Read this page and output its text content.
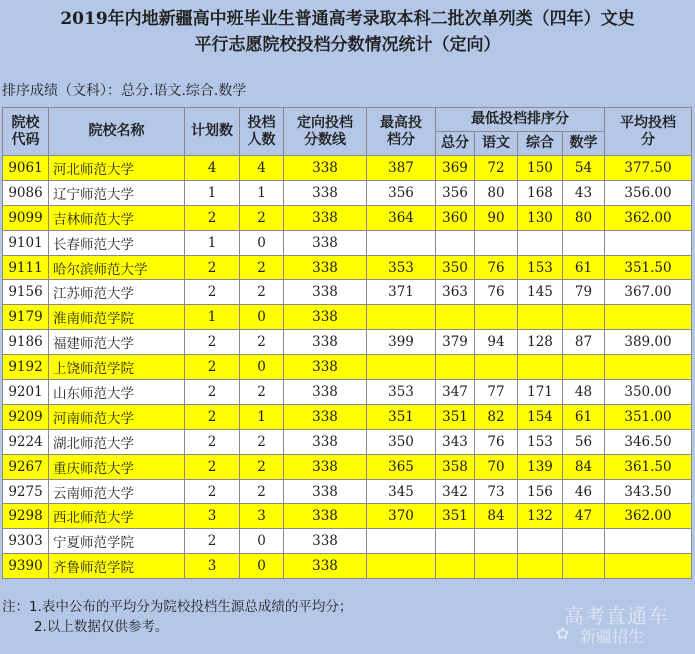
2019年内地新疆高中班毕业生普通高考录取本科二批次单列类（四年）文史
平行志愿院校投档分数情况统计（定向）
排序成绩（文科）：总分.语文.综合.数学
院校代码	院校名称	计划数	投档人数	定向投档分数线	最高投档分	最低投档排序分				平均投档分
						总分	语文	综合	数学	
9061	河北师范大学	4	4	338	387	369	72	150	54	377.50
9086	辽宁师范大学	1	1	338	356	356	80	168	43	356.00
9099	吉林师范大学	2	2	338	364	360	90	130	80	362.00
9101	长春师范大学	1	0	338						
9111	哈尔滨师范大学	2	2	338	353	350	76	153	61	351.50
9156	江苏师范大学	2	2	338	371	363	76	145	79	367.00
9179	淮南师范学院	1	0	338						
9186	福建师范大学	2	2	338	399	379	94	128	87	389.00
9192	上饶师范学院	2	0	338						
9201	山东师范大学	2	2	338	353	347	77	171	48	350.00
9209	河南师范大学	2	1	338	351	351	82	154	61	351.00
9224	湖北师范大学	2	2	338	350	343	76	153	56	346.50
9267	重庆师范大学	2	2	338	365	358	70	139	84	361.50
9275	云南师范大学	2	2	338	345	342	73	156	46	343.50
9298	西北师范大学	3	3	338	370	351	84	132	47	362.00
9303	宁夏师范学院	2	0	338						
9390	齐鲁师范学院	3	0	338						
注：1.表中公布的平均分为院校投档生源总成绩的平均分；
2.以上数据仅供参考。	高考直通车
✿ 新疆招生
